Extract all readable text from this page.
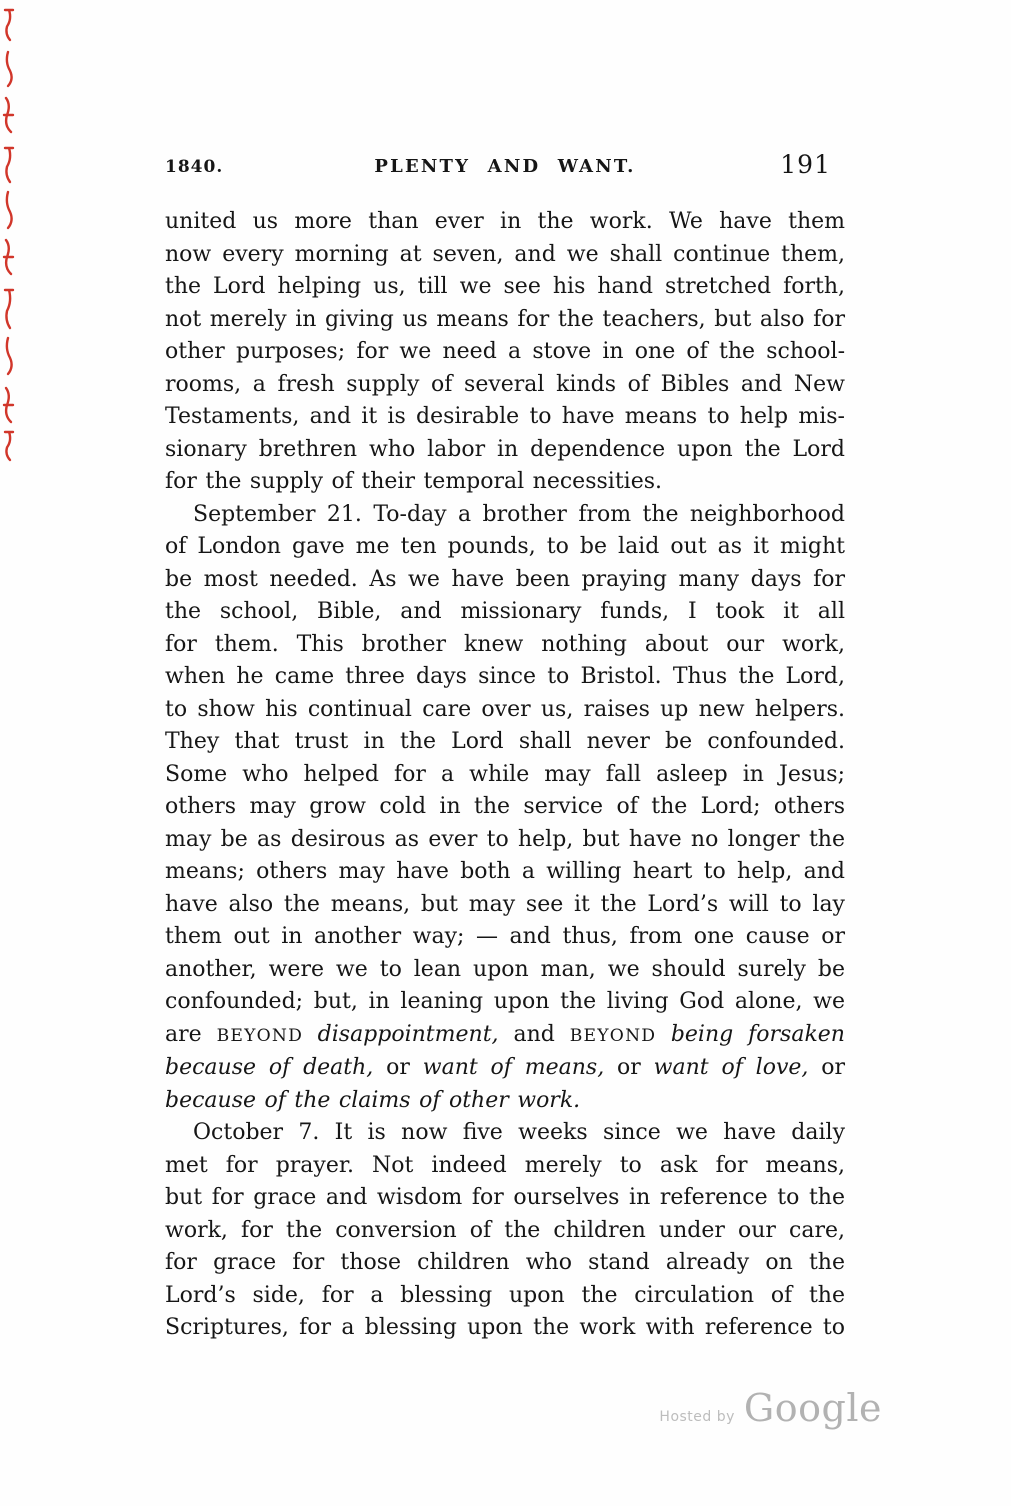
1840.	PLENTY AND WANT.	191
united us more than ever in the work. We have them
now every morning at seven, and we shall continue them,
the Lord helping us, till we see his hand stretched forth,
not merely in giving us means for the teachers, but also for
other purposes; for we need a stove in one of the school-
rooms, a fresh supply of several kinds of Bibles and New
Testaments, and it is desirable to have means to help mis-
sionary brethren who labor in dependence upon the Lord
for the supply of their temporal necessities.
September 21. To-day a brother from the neighborhood
of London gave me ten pounds, to be laid out as it might
be most needed. As we have been praying many days for
the school, Bible, and missionary funds, I took it all
for them. This brother knew nothing about our work,
when he came three days since to Bristol. Thus the Lord,
to show his continual care over us, raises up new helpers.
They that trust in the Lord shall never be confounded.
Some who helped for a while may fall asleep in Jesus;
others may grow cold in the service of the Lord; others
may be as desirous as ever to help, but have no longer the
means; others may have both a willing heart to help, and
have also the means, but may see it the Lord’s will to lay
them out in another way; — and thus, from one cause or
another, were we to lean upon man, we should surely be
confounded; but, in leaning upon the living God alone, we
are BEYOND disappointment, and BEYOND being forsaken
because of death, or want of means, or want of love, or
because of the claims of other work.
October 7. It is now five weeks since we have daily
met for prayer. Not indeed merely to ask for means,
but for grace and wisdom for ourselves in reference to the
work, for the conversion of the children under our care,
for grace for those children who stand already on the
Lord’s side, for a blessing upon the circulation of the
Scriptures, for a blessing upon the work with reference to
Hosted by Google
